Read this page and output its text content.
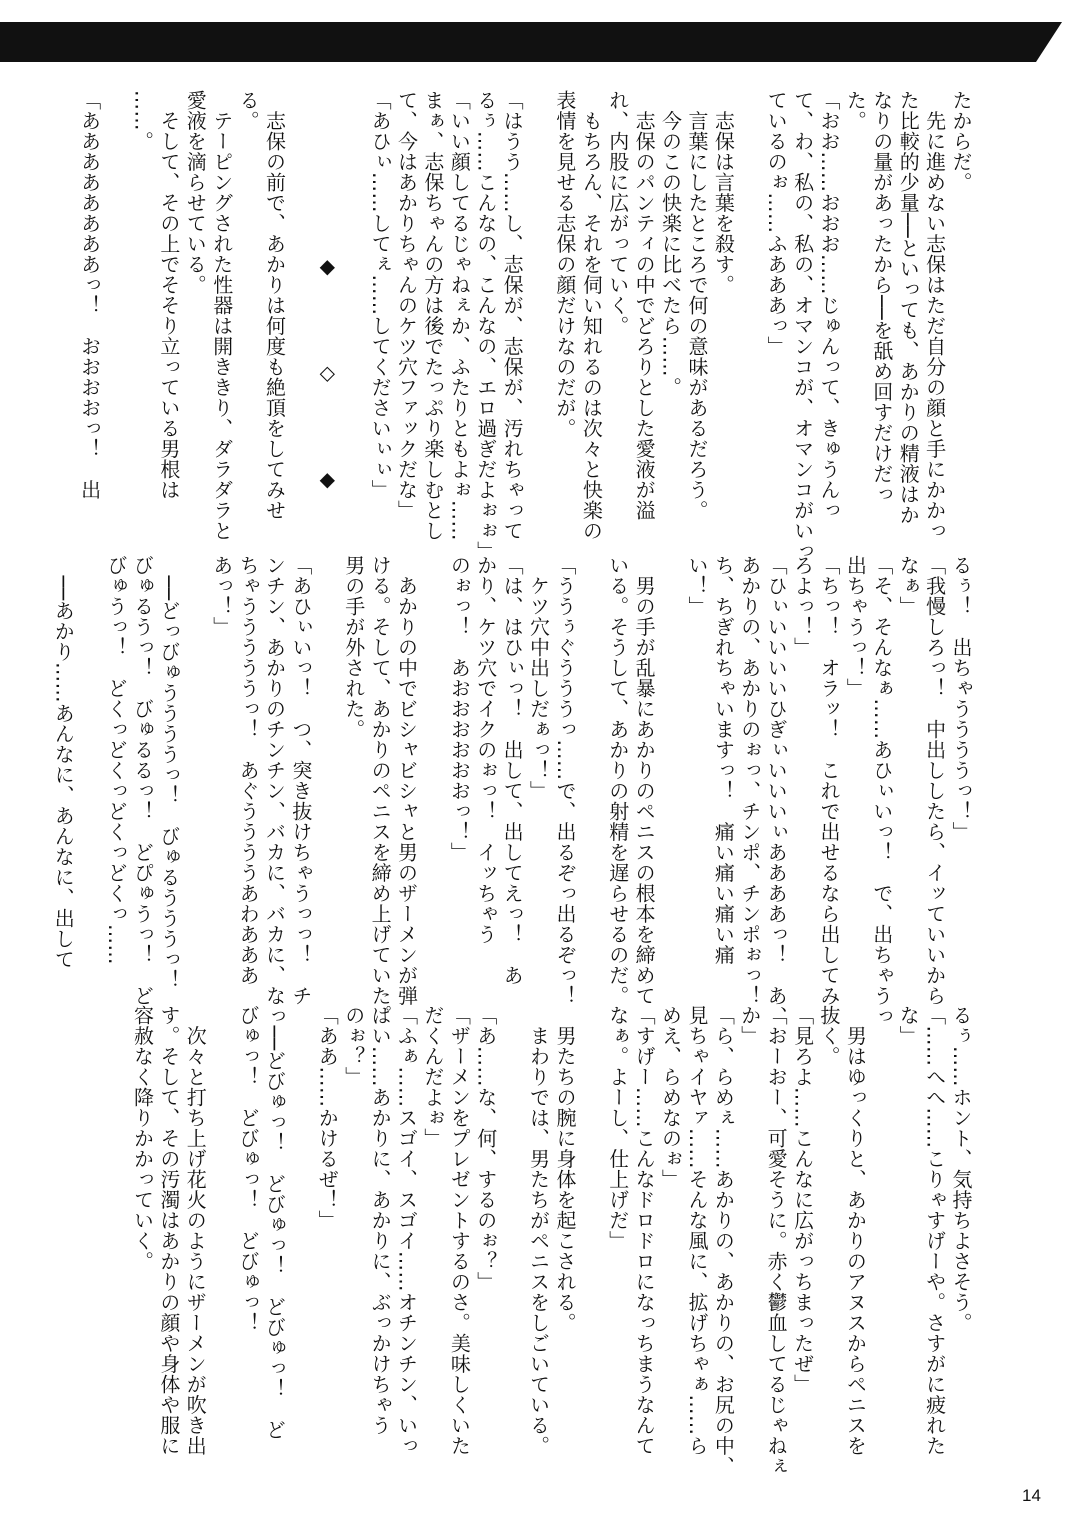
たからだ。
　先に進めない志保はただ自分の顔と手にかかっ
た比較的少量──といっても、あかりの精液はか
なりの量があったから──を舐め回すだけだっ
た。
「おお……おおお……じゅんって、きゅうんっ
て、わ、私の、私の、オマンコが、オマンコがいっ
ているのぉ……ふあああっ」
　志保は言葉を殺す。
　言葉にしたところで何の意味があるだろう。
　今のこの快楽に比べたら……。
　志保のパンティの中でどろりとした愛液が溢
れ、内股に広がっていく。
　もちろん、それを伺い知れるのは次々と快楽の
表情を見せる志保の顔だけなのだが。
「はうう……し、志保が、志保が、汚れちゃって
るぅ……こんなの、こんなの、エロ過ぎだよぉぉ」
「いい顔してるじゃねぇか、ふたりともよぉ……
まぁ、志保ちゃんの方は後でたっぷり楽しむとし
て、今はあかりちゃんのケツ穴ファックだな」
「あひぃ……してぇ……してくださいぃぃ」
　　　　　　　　◆　　　　◇　　　　◆
　志保の前で、あかりは何度も絶頂をしてみせ
る。
　テーピングされた性器は開ききり、ダラダラと
愛液を滴らせている。
　そして、その上でそそり立っている男根は
……。
「ああああああああっ！　おおおおっ！　出
るぅ！　出ちゃううううっ！」
「我慢しろっ！　中出ししたら、イッていいから
なぁ」
「そ、そんなぁ……あひぃいっ！　で、出ちゃうっ
出ちゃうっ！」
「ちっ！　オラッ！　これで出せるなら出してみ
ろよっ！」
「ひぃいいいいひぎぃいいいぃああああっ！　あ、
あかりの、あかりのぉっ、チンポ、チンポぉっ！
ち、ちぎれちゃいますっ！　痛い痛い痛い痛
い！」
　男の手が乱暴にあかりのペニスの根本を締めて
いる。そうして、あかりの射精を遅らせるのだ。
「ううぅぐうううっ……で、出るぞっ出るぞっ！
　ケツ穴中出しだぁっ！」
「は、はひぃっ！　出して、出してえっ！　あ
かり、ケツ穴でイクのぉっ！　イッちゃう
のぉっ！　あおおおおおおっ！」
　あかりの中でビシャビシャと男のザーメンが弾
ける。そして、あかりのペニスを締め上げていた
男の手が外された。
「あひぃいっ！　つ、突き抜けちゃうっっ！　チ
ンチン、あかりのチンチン、バカに、バカに、なっ
ちゃうううううっ！　あぐううううあわあああ
あっ！」
　──どっびゅううううっ！　びゅるうううっ！
びゅるうっ！　びゅるるっ！　どぴゅうっ！　ど
びゅうっ！　どくっどくっどくっどくっ……
　──あかり……あんなに、あんなに、出して
るぅ……ホント、気持ちよさそう。
「……へへ……こりゃすげーや。さすがに疲れた
な」
　男はゆっくりと、あかりのアヌスからペニスを
抜く。
「見ろよ……こんなに広がっちまったぜ」
「おーおー、可愛そうに。赤く鬱血してるじゃねぇ
か」
「ら、らめぇ……あかりの、あかりの、お尻の中、
見ちゃイヤァ……そんな風に、拡げちゃぁ……ら
めえ、らめなのぉ」
「すげー……こんなドロドロになっちまうなんて
なぁ。よーし、仕上げだ」
　男たちの腕に身体を起こされる。
　まわりでは、男たちがペニスをしごいている。
「あ……な、何、するのぉ？」
「ザーメンをプレゼントするのさ。美味しくいた
だくんだよぉ」
「ふぁ……スゴイ、スゴイ……オチンチン、いっ
ぱい……あかりに、あかりに、ぶっかけちゃう
のぉ？」
「ああ……かけるぜ！」
　──どびゅっ！　どびゅっ！　どびゅっ！　ど
びゅっ！　どびゅっ！　どびゅっ！
　次々と打ち上げ花火のようにザーメンが吹き出
す。そして、その汚濁はあかりの顔や身体や服に
容赦なく降りかかっていく。
14
